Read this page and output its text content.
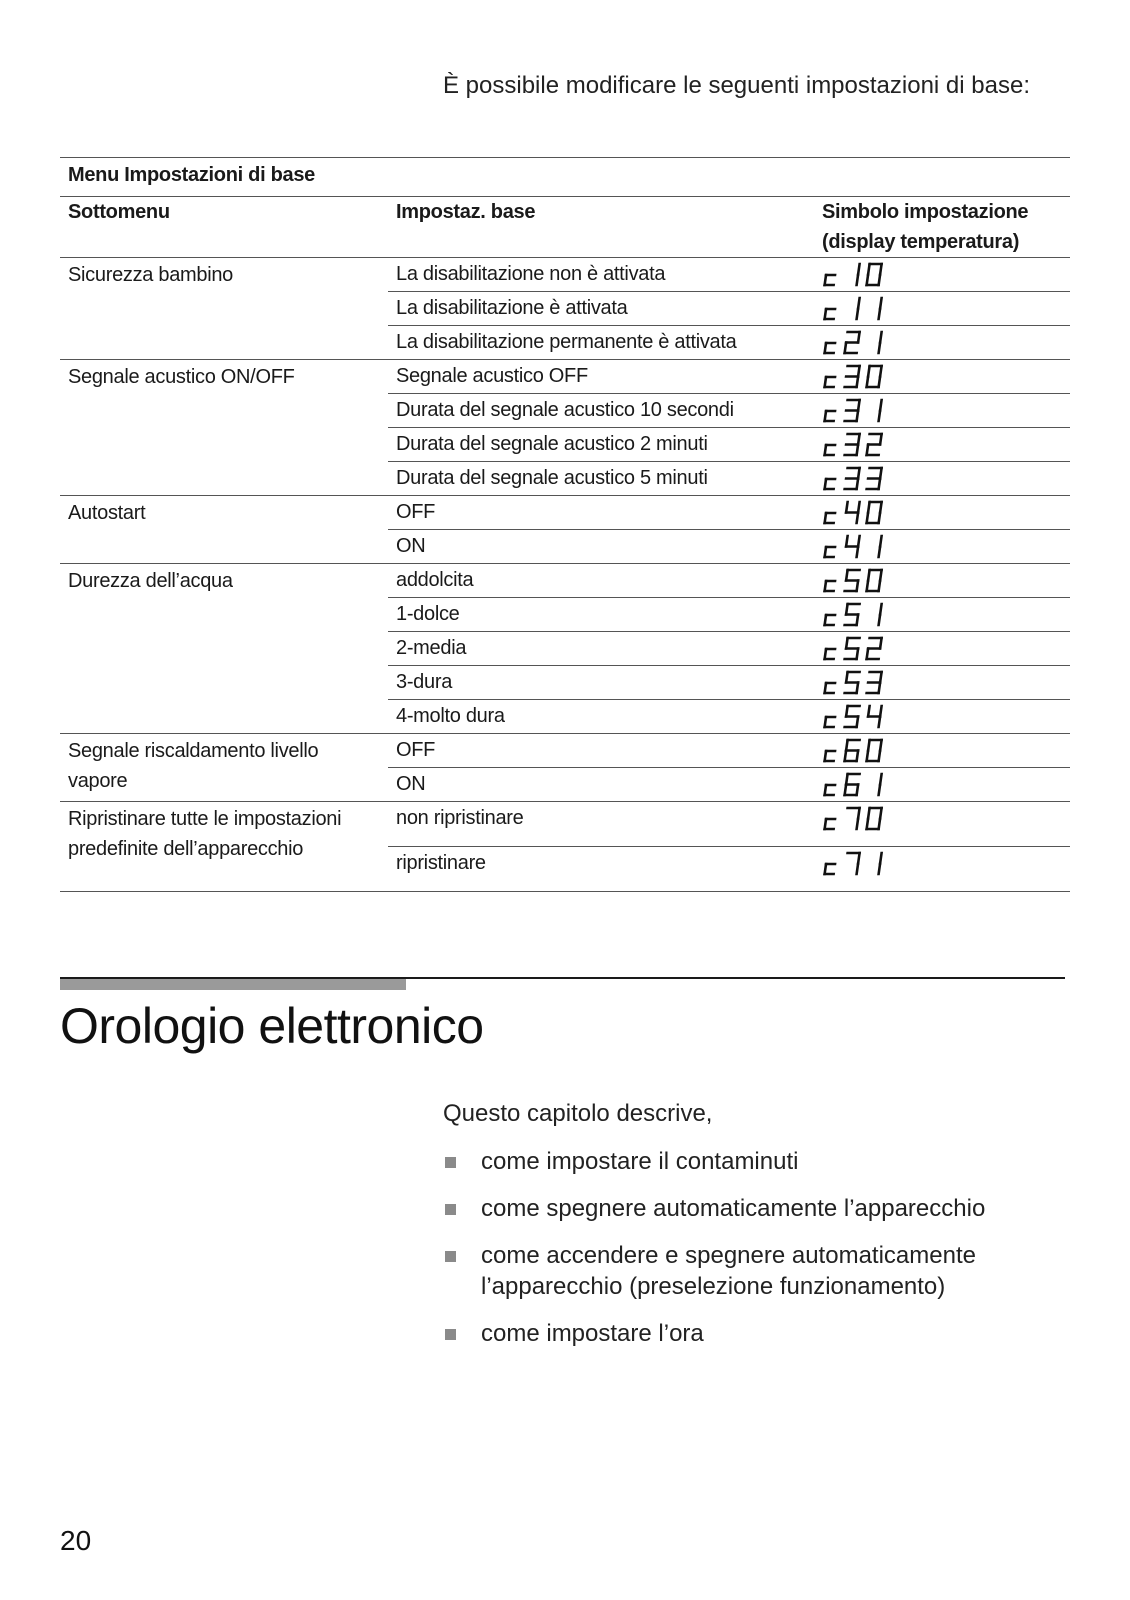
È possibile modificare le seguenti impostazioni di base:
Menu Impostazioni di base		
Sottomenu	Impostaz. base	Simbolo impostazione (display temperatura)
Sicurezza bambino	La disabilitazione non è attivata	

	La disabilitazione è attivata	

	La disabilitazione permanente è attivata	

Segnale acustico ON/OFF	Segnale acustico OFF	

	Durata del segnale acustico 10 secondi	

	Durata del segnale acustico 2 minuti	

	Durata del segnale acustico 5 minuti	

Autostart	OFF	

	ON	

Durezza dell’acqua	addolcita	

	1-dolce	

	2-media	

	3-dura	

	4-molto dura	

Segnale riscaldamento livello vapore	OFF	

	ON	

Ripristinare tutte le impostazioni predefinite dell’apparecchio	non ripristinare	

	ripristinare	
Orologio elettronico

Questo capitolo descrive,

come impostare il contaminuti
come spegnere automaticamente l’apparecchio
come accendere e spegnere automaticamente l’apparecchio (preselezione funzionamento)
come impostare l’ora
20
